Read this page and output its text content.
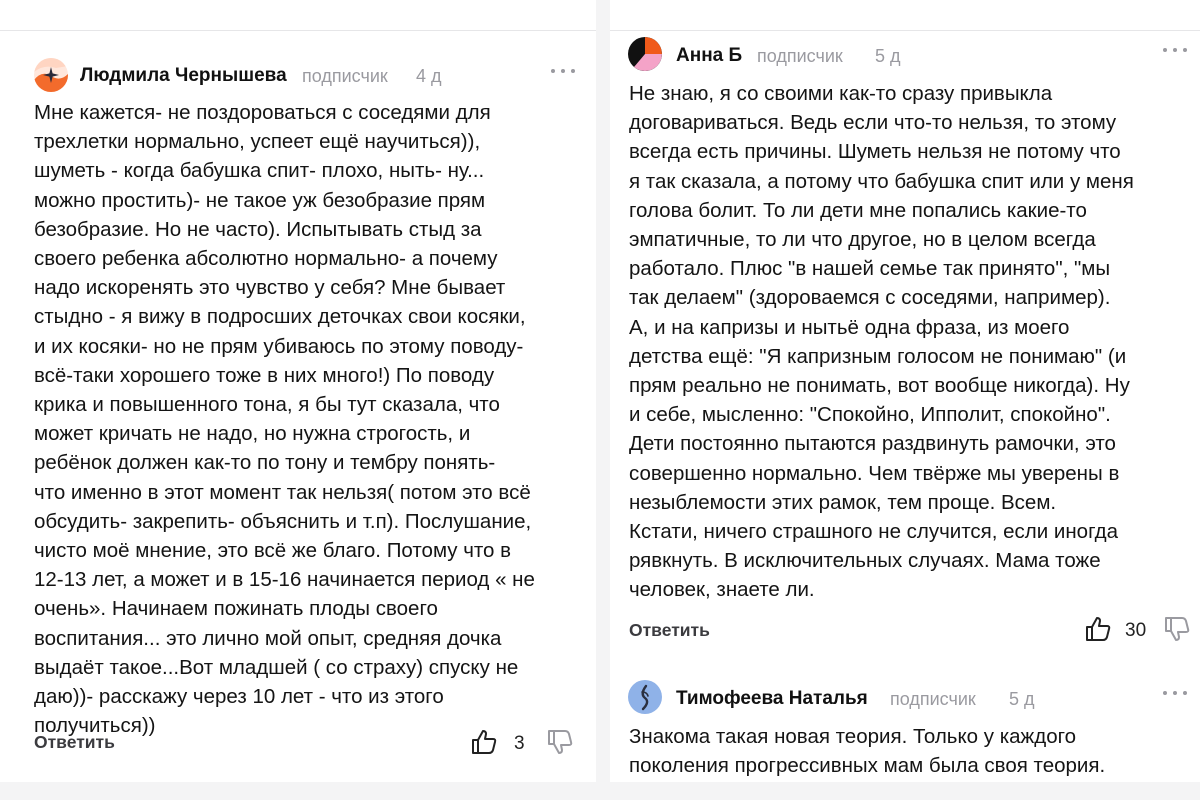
Людмила Чернышева подписчик 4 д

Мне кажется- не поздороваться с соседями для

трехлетки нормально, успеет ещё научиться)),

шуметь - когда бабушка спит- плохо, ныть- ну...

можно простить)- не такое уж безобразие прям

безобразие. Но не часто). Испытывать стыд за

своего ребенка абсолютно нормально- а почему

надо искоренять это чувство у себя? Мне бывает

стыдно - я вижу в подросших деточках свои косяки,

и их косяки- но не прям убиваюсь по этому поводу-

всё-таки хорошего тоже в них много!) По поводу

крика и повышенного тона, я бы тут сказала, что

может кричать не надо, но нужна строгость, и

ребёнок должен как-то по тону и тембру понять-

что именно в этот момент так нельзя( потом это всё

обсудить- закрепить- объяснить и т.п). Послушание,

чисто моё мнение, это всё же благо. Потому что в

12-13 лет, а может и в 15-16 начинается период « не

очень». Начинаем пожинать плоды своего

воспитания... это лично мой опыт, средняя дочка

выдаёт такое...Вот младшей ( со страху) спуску не

даю))- расскажу через 10 лет - что из этого

получиться))

Ответить	3
Анна Б подписчик 5 д

Не знаю, я со своими как-то сразу привыкла

договариваться. Ведь если что-то нельзя, то этому

всегда есть причины. Шуметь нельзя не потому что

я так сказала, а потому что бабушка спит или у меня

голова болит. То ли дети мне попались какие-то

эмпатичные, то ли что другое, но в целом всегда

работало. Плюс "в нашей семье так принято", "мы

так делаем" (здороваемся с соседями, например).

А, и на капризы и нытьё одна фраза, из моего

детства ещё: "Я капризным голосом не понимаю" (и

прям реально не понимать, вот вообще никогда). Ну

и себе, мысленно: "Спокойно, Ипполит, спокойно".

Дети постоянно пытаются раздвинуть рамочки, это

совершенно нормально. Чем твёрже мы уверены в

незыблемости этих рамок, тем проще. Всем.

Кстати, ничего страшного не случится, если иногда

рявкнуть. В исключительных случаях. Мама тоже

человек, знаете ли.

Ответить	30
Тимофеева Наталья подписчик 5 д

Знакома такая новая теория. Только у каждого

поколения прогрессивных мам была своя теория.
